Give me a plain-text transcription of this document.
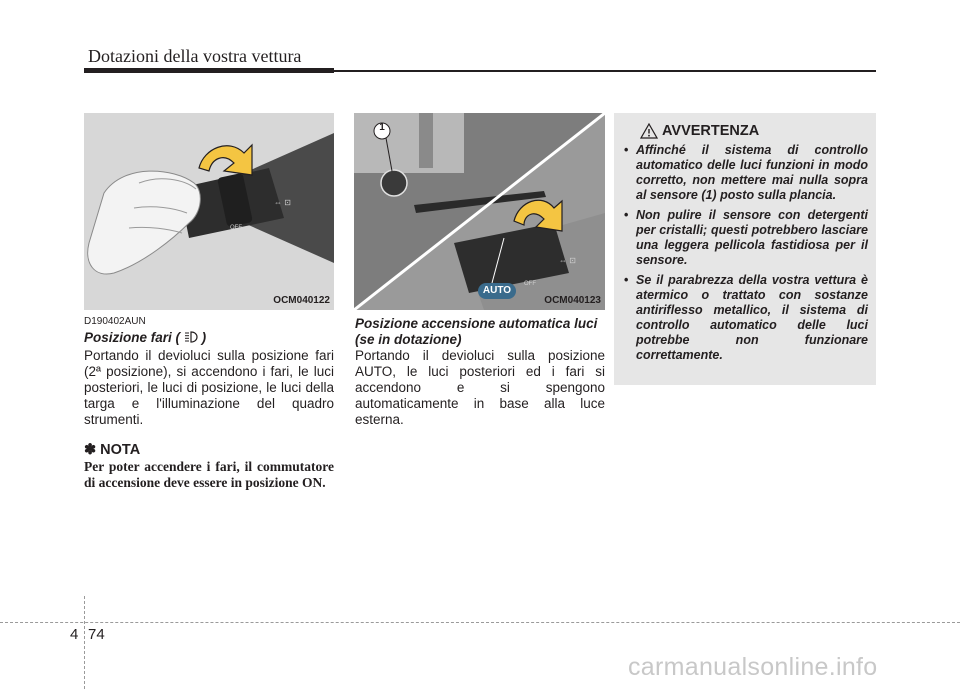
Dotazioni della vostra vettura
⇔ ⊡
OFF
OCM040122
⇔ ⊡
OFF
1
AUTO
OCM040123
D190402AUN
Posizione fari ( )
Portando il devioluci sulla posizione fari (2ª posizione), si accendono i fari, le luci posteriori, le luci di posizione, le luci della targa e l'illuminazione del quadro strumenti.
✽ NOTA
Per poter accendere i fari, il commutatore di accensione deve essere in posizione ON.
Posizione accensione automatica luci
(se in dotazione)
Portando il devioluci sulla posizione AUTO, le luci posteriori ed i fari si accendono e si spengono automaticamente in base alla luce esterna.
AVVERTENZA
• Affinché il sistema di controllo automatico delle luci funzioni in modo corretto, non mettere mai nulla sopra al sensore (1) posto sulla plancia.
• Non pulire il sensore con detergenti per cristalli; questi potrebbero lasciare una leggera pellicola fastidiosa per il sensore.
• Se il parabrezza della vostra vettura è atermico o trattato con sostanze antiriflesso metallico, il sistema di controllo automatico delle luci potrebbe non funzionare correttamente.
4 74
carmanualsonline.info
